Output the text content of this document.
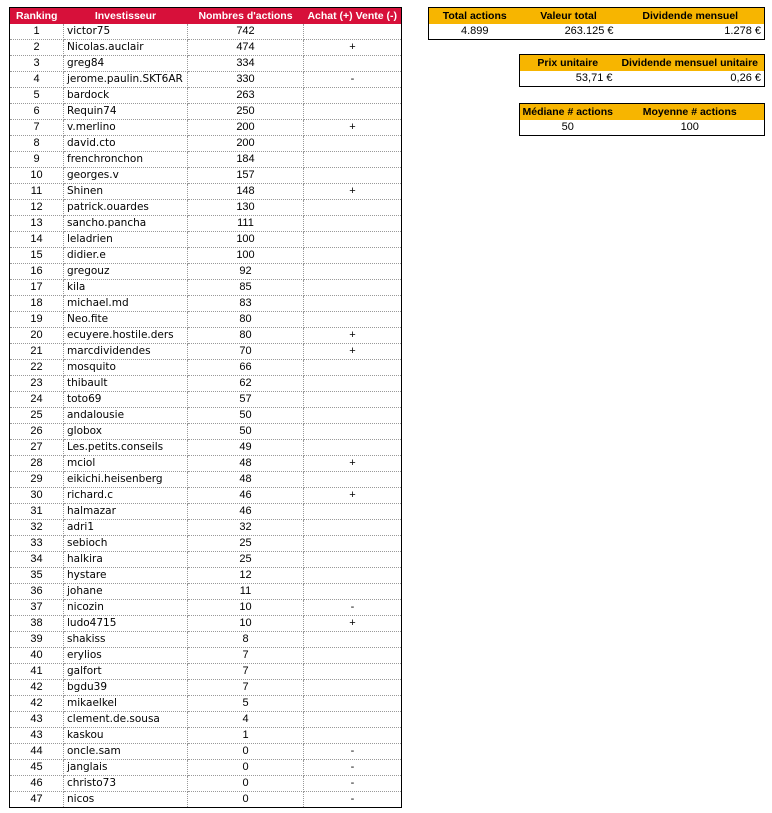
Ranking	Investisseur	Nombres d'actions	Achat (+) Vente (-)
1	victor75	742	
2	Nicolas.auclair	474	+
3	greg84	334	
4	jerome.paulin.SKT6AR	330	-
5	bardock	263	
6	Requin74	250	
7	v.merlino	200	+
8	david.cto	200	
9	frenchronchon	184	
10	georges.v	157	
11	Shinen	148	+
12	patrick.ouardes	130	
13	sancho.pancha	111	
14	leladrien	100	
15	didier.e	100	
16	gregouz	92	
17	kila	85	
18	michael.md	83	
19	Neo.fite	80	
20	ecuyere.hostile.ders	80	+
21	marcdividendes	70	+
22	mosquito	66	
23	thibault	62	
24	toto69	57	
25	andalousie	50	
26	globox	50	
27	Les.petits.conseils	49	
28	mciol	48	+
29	eikichi.heisenberg	48	
30	richard.c	46	+
31	halmazar	46	
32	adri1	32	
33	sebioch	25	
34	halkira	25	
35	hystare	12	
36	johane	11	
37	nicozin	10	-
38	ludo4715	10	+
39	shakiss	8	
40	erylios	7	
41	galfort	7	
42	bgdu39	7	
42	mikaelkel	5	
43	clement.de.sousa	4	
43	kaskou	1	
44	oncle.sam	0	-
45	janglais	0	-
46	christo73	0	-
47	nicos	0	-
Total actions	Valeur total	Dividende mensuel
4.899	263.125 €	1.278 €
Prix unitaire	Dividende mensuel unitaire
53,71 €	0,26 €
Médiane # actions	Moyenne # actions
50	100
